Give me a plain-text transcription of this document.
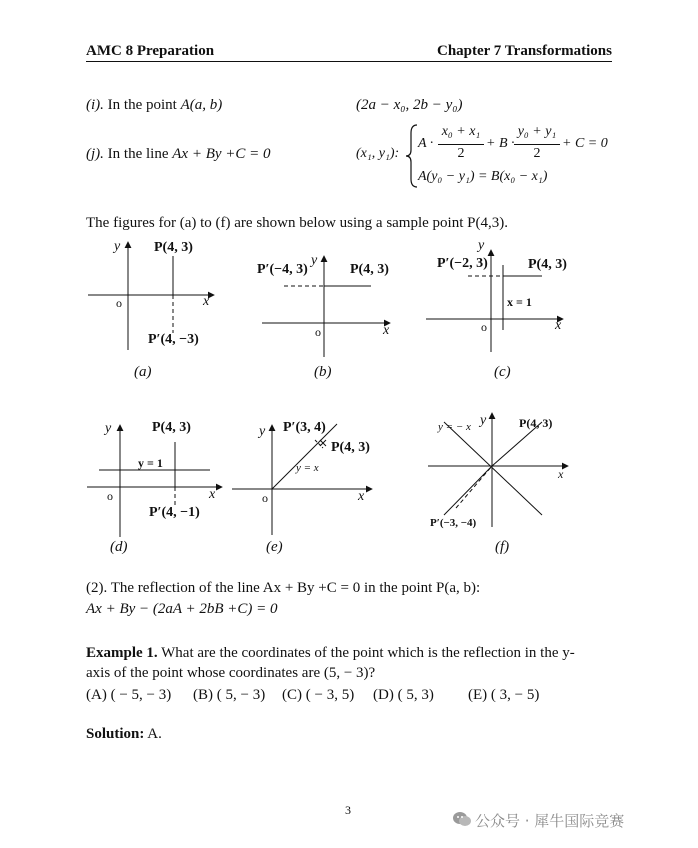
AMC 8 Preparation	Chapter 7 Transformations
(i). In the point A(a, b)	(2a − x₀, 2b − y₀)
(j). In the line Ax + By +C = 0	(x₁, y₁):
A ·
x₀ + x₁
2
+ B ·
y₀ + y₁
2
+ C = 0
A(y₀ − y₁) = B(x₀ − x₁)
The figures for (a) to (f) are shown below using a sample point P(4,3).
y
x
o
P(4, 3)
P′(4, −3)
(a)
y
x
o
P′(−4, 3)	P(4, 3)
(b)
y
x
o
P′(−2, 3)	P(4, 3)
x = 1
(c)
y
x
o
P(4, 3)
y = 1
P′(4, −1)
(d)
y
x
o
P′(3, 4)
P(4, 3)
y = x
(e)
y
x
y = − x	P(4, 3)
P′(−3, −4)
(f)
(2). The reflection of the line Ax + By +C = 0 in the point P(a, b):
Ax + By − (2aA + 2bB +C) = 0
Example 1. What are the coordinates of the point which is the reflection in the y-
axis of the point whose coordinates are (5, − 3)?
(A) ( − 5, − 3) (B) ( 5, − 3) (C) ( − 3, 5) (D) ( 5, 3) (E) ( 3, − 5)
Solution: A.
3
公众号 · 犀牛国际竞赛
